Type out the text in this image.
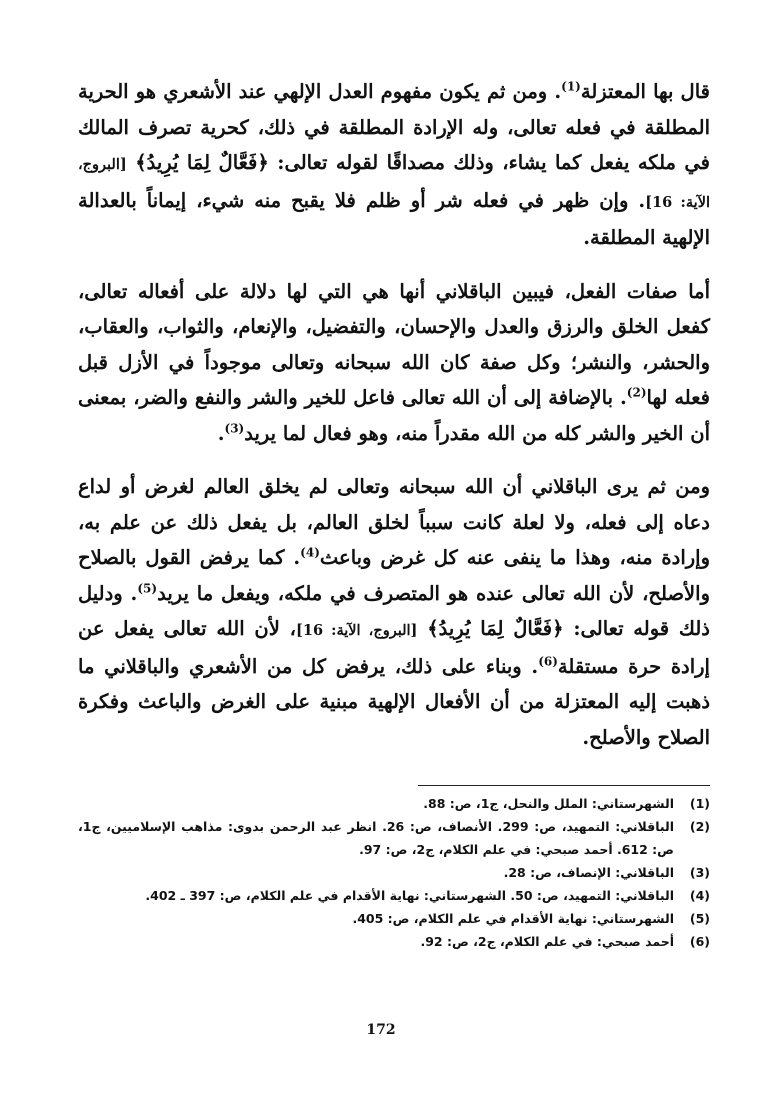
قال بها المعتزلة$^{(1)}$. ومن ثم يكون مفهوم العدل الإلهي عند الأشعري هو الحرية المطلقة في فعله تعالى، وله الإرادة المطلقة في ذلك، كحرية تصرف المالك في ملكه يفعل كما يشاء، وذلك مصداقًا لقوله تعالى: ﴿فَعَّالٌ لِمَا يُرِيدُ﴾ [البروج، الآية: 16]. وإن ظهر في فعله شر أو ظلم فلا يقبح منه شيء، إيماناً بالعدالة الإلهية المطلقة.

أما صفات الفعل، فيبين الباقلاني أنها هي التي لها دلالة على أفعاله تعالى، كفعل الخلق والرزق والعدل والإحسان، والتفضيل، والإنعام، والثواب، والعقاب، والحشر، والنشر؛ وكل صفة كان الله سبحانه وتعالى موجوداً في الأزل قبل فعله لها$^{(2)}$. بالإضافة إلى أن الله تعالى فاعل للخير والشر والنفع والضر، بمعنى أن الخير والشر كله من الله مقدراً منه، وهو فعال لما يريد$^{(3)}$.

ومن ثم يرى الباقلاني أن الله سبحانه وتعالى لم يخلق العالم لغرض أو لداع دعاه إلى فعله، ولا لعلة كانت سبباً لخلق العالم، بل يفعل ذلك عن علم به، وإرادة منه، وهذا ما ينفى عنه كل غرض وباعث$^{(4)}$. كما يرفض القول بالصلاح والأصلح، لأن الله تعالى عنده هو المتصرف في ملكه، ويفعل ما يريد$^{(5)}$. ودليل ذلك قوله تعالى: ﴿فَعَّالٌ لِمَا يُرِيدُ﴾ [البروج، الآية: 16]، لأن الله تعالى يفعل عن إرادة حرة مستقلة$^{(6)}$. وبناء على ذلك، يرفض كل من الأشعري والباقلاني ما ذهبت إليه المعتزلة من أن الأفعال الإلهية مبنية على الغرض والباعث وفكرة الصلاح والأصلح.

(1)
الشهرستاني: الملل والنحل، ج1، ص: 88.
(2)
الباقلاني: التمهيد، ص: 299. الأنصاف، ص: 26. انظر عبد الرحمن بدوى: مذاهب الإسلاميين، ج1، ص: 612. أحمد صبحي: في علم الكلام، ج2، ص: 97.
(3)
الباقلاني: الإنصاف، ص: 28.
(4)
الباقلاني: التمهيد، ص: 50. الشهرستاني: نهاية الأقدام في علم الكلام، ص: 397 ـ 402.
(5)
الشهرستاني: نهاية الأقدام في علم الكلام، ص: 405.
(6)
أحمد صبحي: في علم الكلام، ج2، ص: 92.
172
